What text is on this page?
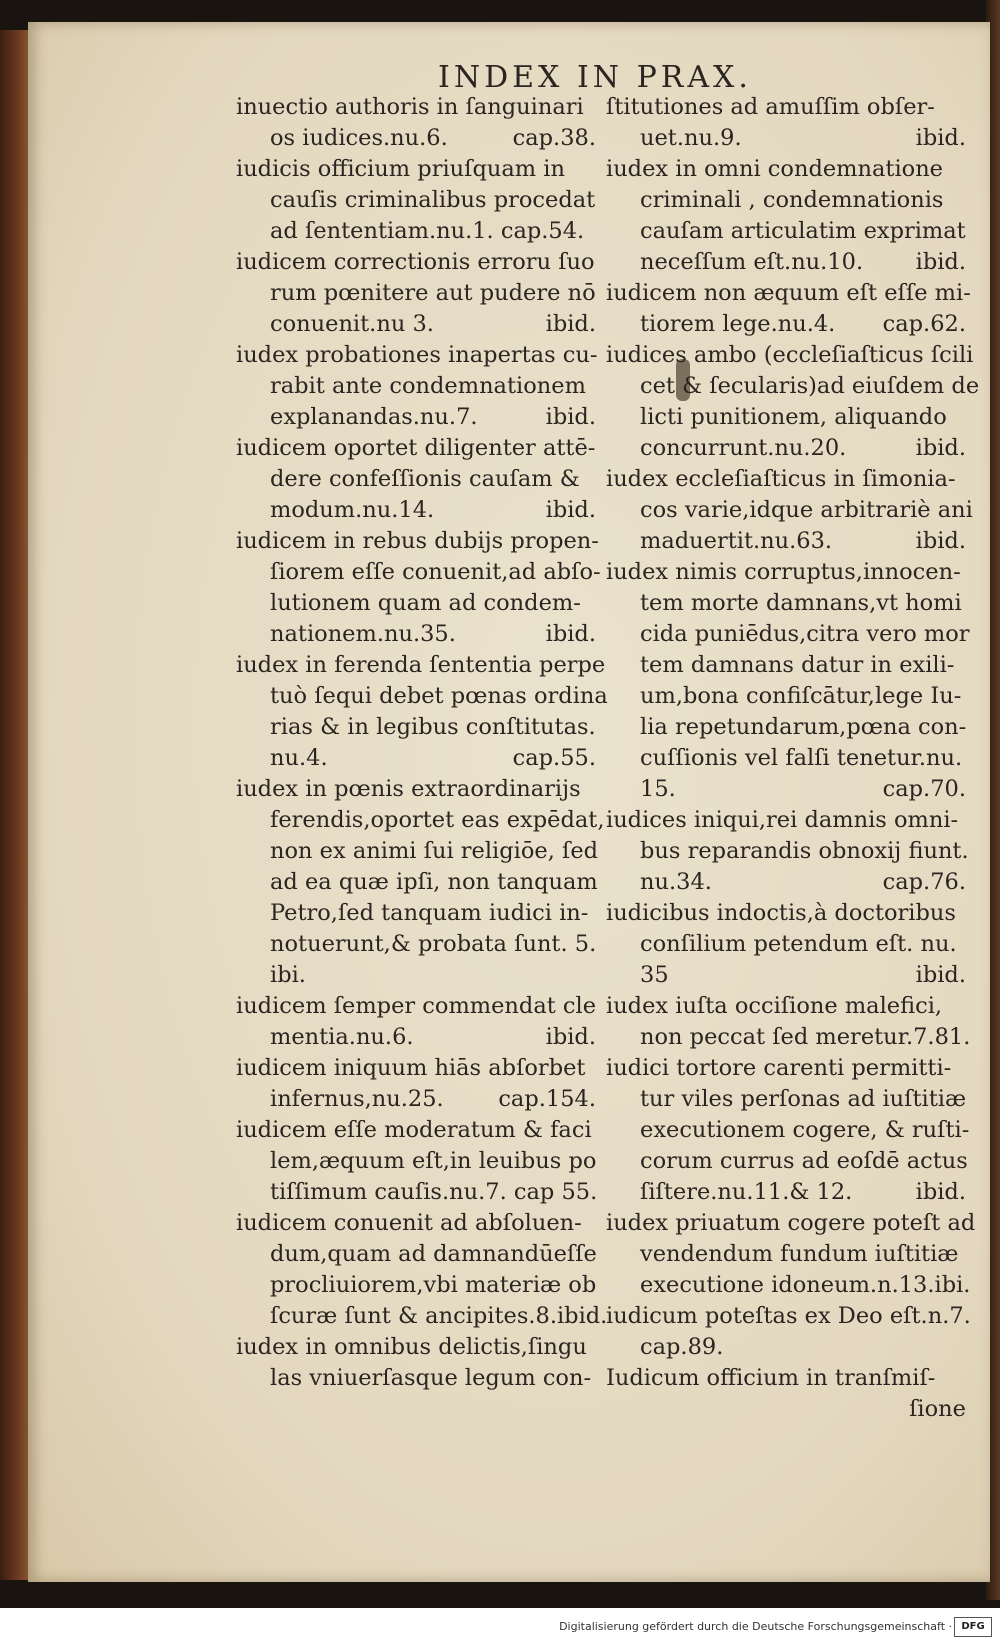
INDEX IN PRAX.
inuectio authoris in ſanguinari
os iudices.nu.6.	cap.38.
iudicis officium priuſquam in
cauſis criminalibus procedat
ad ſententiam.nu.1. cap.54.
iudicem correctionis erroru ſuo
rum pœnitere aut pudere nō
conuenit.nu 3.	ibid.
iudex probationes inapertas cu-
rabit ante condemnationem
explanandas.nu.7.	ibid.
iudicem oportet diligenter attē-
dere confeſſionis cauſam &
modum.nu.14.	ibid.
iudicem in rebus dubijs propen-
ſiorem eſſe conuenit,ad abſo-
lutionem quam ad condem-
nationem.nu.35.	ibid.
iudex in ferenda ſententia perpe
tuò ſequi debet pœnas ordina
rias & in legibus conſtitutas.
nu.4.	cap.55.
iudex in pœnis extraordinarijs
ferendis,oportet eas expēdat,
non ex animi ſui religiōe, ſed
ad ea quæ ipſi, non tanquam
Petro,ſed tanquam iudici in-
notuerunt,& probata ſunt. 5.
ibi.
iudicem ſemper commendat cle
mentia.nu.6.	ibid.
iudicem iniquum hiās abſorbet
infernus,nu.25. cap.154.
iudicem eſſe moderatum & faci
lem,æquum eſt,in leuibus po
tiſſimum cauſis.nu.7. cap 55.
iudicem conuenit ad abſoluen-
dum,quam ad damnandūeſſe
procliuiorem,vbi materiæ ob
ſcuræ ſunt & ancipites.8.ibid.
iudex in omnibus delictis,ſingu
las vniuerſasque legum con-
ſtitutiones ad amuſſim obſer-
uet.nu.9.	ibid.
iudex in omni condemnatione
criminali , condemnationis
cauſam articulatim exprimat
neceſſum eſt.nu.10. ibid.
iudicem non æquum eſt eſſe mi-
tiorem lege.nu.4. cap.62.
iudices ambo (eccleſiaſticus ſcili
cet & ſecularis)ad eiuſdem de
licti punitionem, aliquando
concurrunt.nu.20.	ibid.
iudex eccleſiaſticus in ſimonia-
cos varie,idque arbitrariè ani
maduertit.nu.63.	ibid.
iudex nimis corruptus,innocen-
tem morte damnans,vt homi
cida puniēdus,citra vero mor
tem damnans datur in exili-
um,bona confiſcātur,lege Iu-
lia repetundarum,pœna con-
cuſſionis vel falſi tenetur.nu.
15.	cap.70.
iudices iniqui,rei damnis omni-
bus reparandis obnoxij fiunt.
nu.34.	cap.76.
iudicibus indoctis,à doctoribus
conſilium petendum eſt. nu.
35	ibid.
iudex iuſta occiſione malefici,
non peccat ſed meretur.7. 81.
iudici tortore carenti permitti-
tur viles perſonas ad iuſtitiæ
executionem cogere, & ruſti-
corum currus ad eoſdē actus
ſiſtere.nu.11.& 12.	ibid.
iudex priuatum cogere poteſt ad
vendendum fundum iuſtitiæ
executione idoneum.n.13.ibi.
iudicum poteſtas ex Deo eſt.n.7.
cap.89.
Iudicum officium in tranſmiſ-
ſione
Digitalisierung gefördert durch die Deutsche Forschungsgemeinschaft · DFG
